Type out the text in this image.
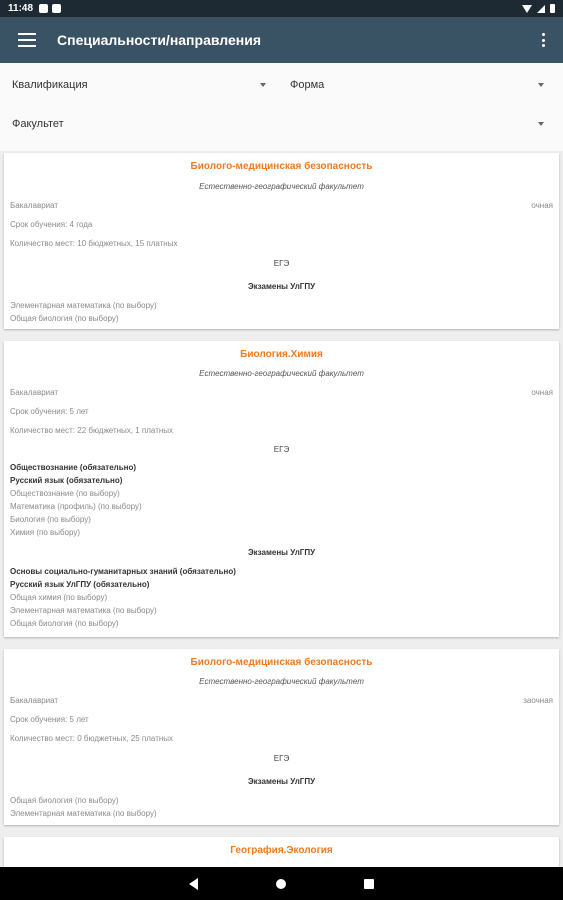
11:48
Специальности/направления
Квалификация	Форма
Факультет
Биолого-медицинская безопасность
Естественно-географический факультет
Бакалавриат	очная
Срок обучения: 4 года
Количество мест: 10 бюджетных, 15 платных
ЕГЭ
Экзамены УлГПУ
Элементарная математика (по выбору)
Общая биология (по выбору)
Биология.Химия
Естественно-географический факультет
Бакалавриат	очная
Срок обучения: 5 лет
Количество мест: 22 бюджетных, 1 платных
ЕГЭ
Обществознание (обязательно)
Русский язык (обязательно)
Обществознание (по выбору)
Математика (профиль) (по выбору)
Биология (по выбору)
Химия (по выбору)
Экзамены УлГПУ
Основы социально-гуманитарных знаний (обязательно)
Русский язык УлГПУ (обязательно)
Общая химия (по выбору)
Элементарная математика (по выбору)
Общая биология (по выбору)
Биолого-медицинская безопасность
Естественно-географический факультет
Бакалавриат	заочная
Срок обучения: 5 лет
Количество мест: 0 бюджетных, 25 платных
ЕГЭ
Экзамены УлГПУ
Общая биология (по выбору)
Элементарная математика (по выбору)
География.Экология
